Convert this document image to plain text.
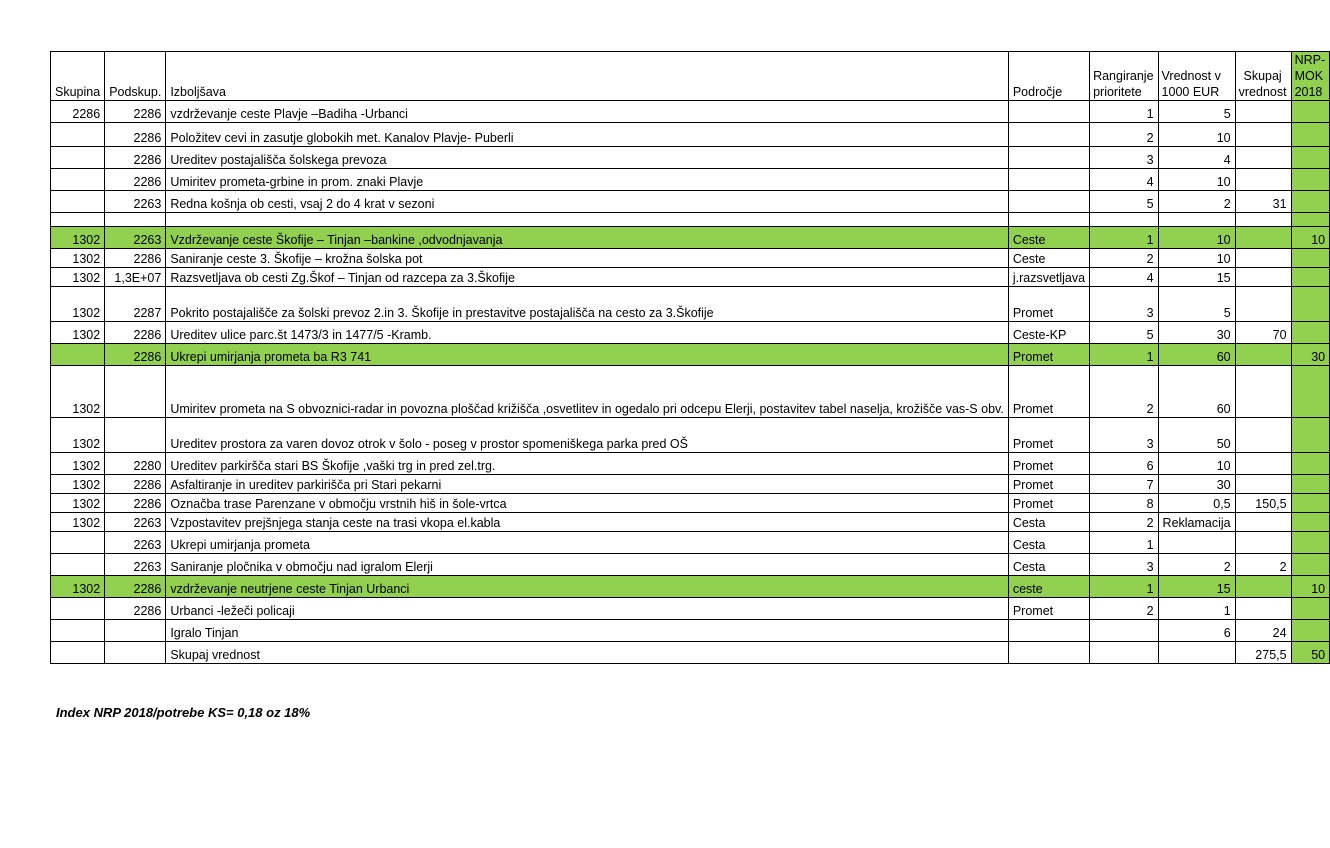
Skupina	Podskup.	Izboljšava	Področje	Rangiranje prioritete	Vrednost v 1000 EUR	Skupaj vrednost	NRP-MOK 2018
2286	2286	vzdrževanje ceste Plavje –Badiha -Urbanci		1	5		
	2286	Položitev cevi in zasutje globokih met. Kanalov Plavje- Puberli		2	10		
	2286	Ureditev postajališča šolskega prevoza		3	4		
	2286	Umiritev prometa-grbine in prom. znaki Plavje		4	10		
	2263	Redna košnja ob cesti, vsaj 2 do 4 krat v sezoni		5	2	31	

1302	2263	Vzdrževanje ceste Škofije – Tinjan –bankine ,odvodnjavanja	Ceste	1	10		10
1302	2286	Saniranje ceste 3. Škofije – krožna šolska pot	Ceste	2	10		
1302	1,3E+07	Razsvetljava ob cesti Zg.Škof – Tinjan od razcepa za 3.Škofije	j.razsvetljava	4	15		
1302	2287	Pokrito postajališče za šolski prevoz 2.in 3. Škofije in prestavitve postajališča na cesto za 3.Škofije	Promet	3	5		
1302	2286	Ureditev ulice parc.št 1473/3 in 1477/5 -Kramb.	Ceste-KP	5	30	70	
	2286	Ukrepi umirjanja prometa ba R3 741	Promet	1	60		30
1302		Umiritev prometa na S obvoznici-radar in povozna ploščad križišča ,osvetlitev in ogedalo pri odcepu Elerji, postavitev tabel naselja, krožišče vas-S obv.	Promet	2	60		
1302		Ureditev prostora za varen dovoz otrok v šolo - poseg v prostor spomeniškega parka pred OŠ	Promet	3	50		
1302	2280	Ureditev parkiršča stari BS Škofije ,vaški trg in pred zel.trg.	Promet	6	10		
1302	2286	Asfaltiranje in ureditev parkirišča pri Stari pekarni	Promet	7	30		
1302	2286	Označba trase Parenzane v območju vrstnih hiš in šole-vrtca	Promet	8	0,5	150,5	
1302	2263	Vzpostavitev prejšnjega stanja ceste na trasi vkopa el.kabla	Cesta	2	Reklamacija		
	2263	Ukrepi umirjanja prometa	Cesta	1			
	2263	Saniranje pločnika v območju nad igralom Elerji	Cesta	3	2	2	
1302	2286	vzdrževanje neutrjene ceste Tinjan Urbanci	ceste	1	15		10
	2286	Urbanci -ležeči policaji	Promet	2	1		
		Igralo Tinjan			6	24	
		Skupaj vrednost				275,5	50
Index NRP 2018/potrebe KS= 0,18 oz 18%
